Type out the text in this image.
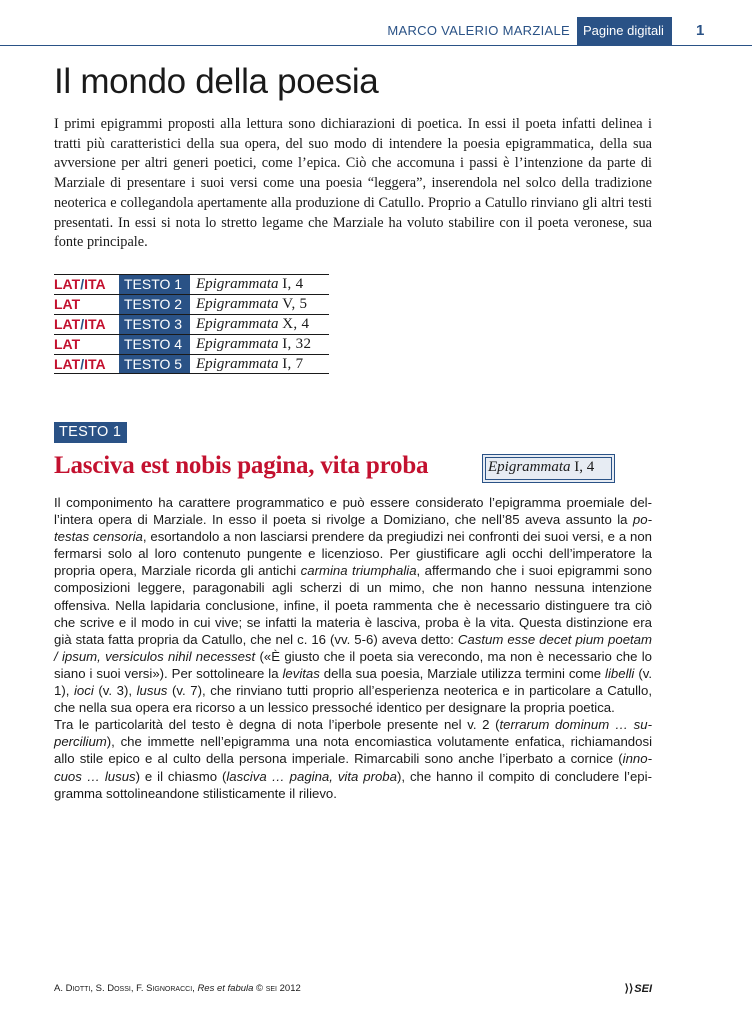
MARCO VALERIO MARZIALE	Pagine digitali	1
Il mondo della poesia
I primi epigrammi proposti alla lettura sono dichiarazioni di poetica. In essi il poeta infatti delinea i tratti più caratteristici della sua opera, del suo modo di intendere la poesia epigrammatica, della sua avversione per altri generi poetici, come l’epica. Ciò che accomuna i passi è l’intenzione da parte di Marziale di presentare i suoi versi come una poesia “leggera”, inserendola nel solco della tradizione neoterica e collegandola apertamente alla produzione di Catullo. Proprio a Catullo rinviano gli altri testi presentati. In essi si nota lo stretto legame che Marziale ha voluto stabilire con il poeta veronese, sua fonte principale.
LAT/ITA	TESTO 1 Epigrammata I, 4
LAT	TESTO 2 Epigrammata V, 5
LAT/ITA	TESTO 3 Epigrammata X, 4
LAT	TESTO 4 Epigrammata I, 32
LAT/ITA	TESTO 5 Epigrammata I, 7
TESTO 1
Lasciva est nobis pagina, vita proba	Epigrammata I, 4

Il componimento ha carattere programmatico e può essere considerato l’epigramma proemiale dell’intera opera di Marziale. In esso il poeta si rivolge a Domiziano, che nell’85 aveva assunto la potestas censoria, esortandolo a non lasciarsi prendere da pregiudizi nei confronti dei suoi versi, e a non fermarsi solo al loro contenuto pungente e licenzioso. Per giustificare agli occhi dell’imperatore la propria opera, Marziale ricorda gli antichi carmina triumphalia, affermando che i suoi epigrammi sono composizioni leggere, paragonabili agli scherzi di un mimo, che non hanno nessuna intenzione offensiva. Nella lapidaria conclusione, infine, il poeta rammenta che è necessario distinguere tra ciò che scrive e il modo in cui vive; se infatti la materia è lasciva, proba è la vita. Questa distinzione era già stata fatta propria da Catullo, che nel c. 16 (vv. 5-6) aveva detto: Castum esse decet pium poetam / ipsum, versiculos nihil necessest («È giusto che il poeta sia verecondo, ma non è necessario che lo siano i suoi versi»). Per sottolineare la levitas della sua poesia, Marziale utilizza termini come libelli (v. 1), ioci (v. 3), lusus (v. 7), che rinviano tutti proprio all’esperienza neoterica e in particolare a Catullo, che nella sua opera era ricorso a un lessico pressoché identico per designare la propria poetica.

Tra le particolarità del testo è degna di nota l’iperbole presente nel v. 2 (terrarum dominum … supercilium), che immette nell’epigramma una nota encomiastica volutamente enfatica, richiamandosi allo stile epico e al culto della persona imperiale. Rimarcabili sono anche l’iperbato a cornice (innocuos … lusus) e il chiasmo (lasciva … pagina, vita proba), che hanno il compito di concludere l’epigramma sottolineandone stilisticamente il rilievo.

A. Diotti, S. Dossi, F. Signoracci, Res et fabula © sei 2012	⟩⟩SEI
